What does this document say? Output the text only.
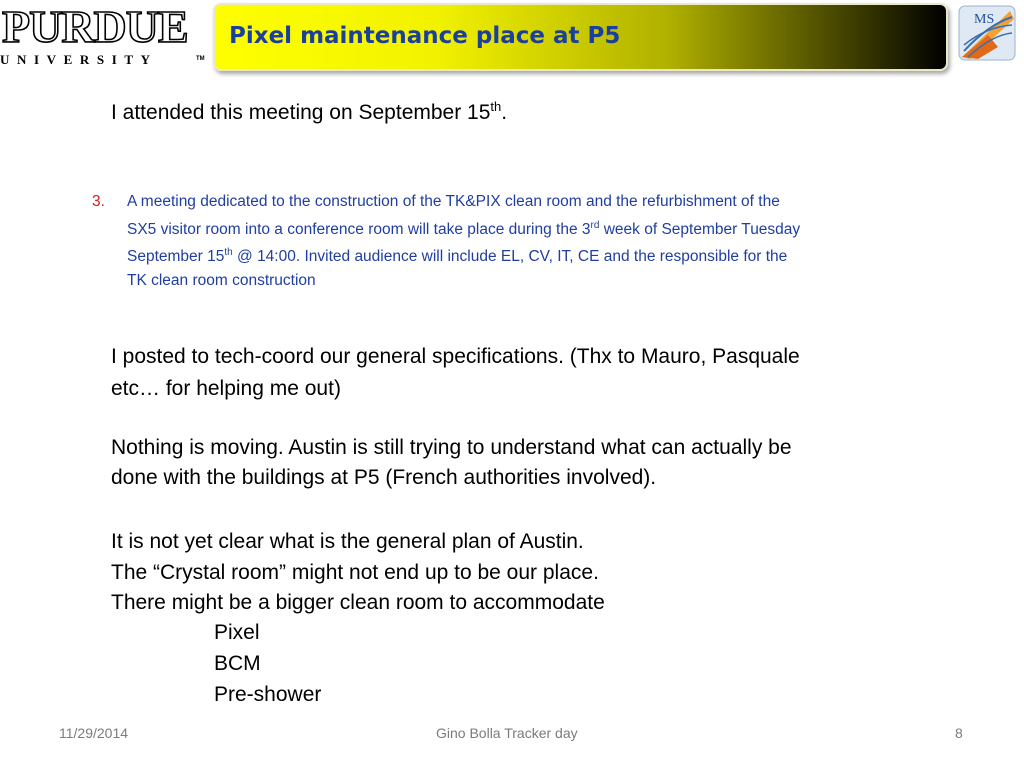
PURDUE
UNIVERSITY	TM
Pixel maintenance place at P5
MS
I attended this meeting on September 15th.
3. A meeting dedicated to the construction of the TK&PIX clean room and the refurbishment of the
SX5 visitor room into a conference room will take place during the 3rd week of September Tuesday
September 15th @ 14:00. Invited audience will include EL, CV, IT, CE and the responsible for the
TK clean room construction
I posted to tech-coord our general specifications. (Thx to Mauro, Pasquale
etc… for helping me out)
Nothing is moving. Austin is still trying to understand what can actually be
done with the buildings at P5 (French authorities involved).
It is not yet clear what is the general plan of Austin.
The “Crystal room” might not end up to be our place.
There might be a bigger clean room to accommodate
Pixel
BCM
Pre-shower
11/29/2014	Gino Bolla Tracker day	8
